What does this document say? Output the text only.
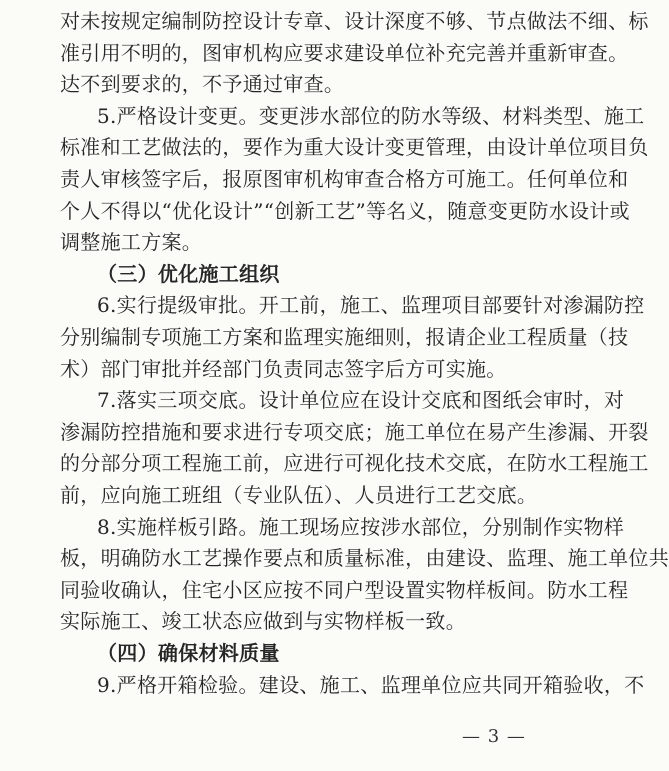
对未按规定编制防控设计专章、设计深度不够、节点做法不细、标
准引用不明的，图审机构应要求建设单位补充完善并重新审查。
达不到要求的，不予通过审查。
5.严格设计变更。变更涉水部位的防水等级、材料类型、施工
标准和工艺做法的，要作为重大设计变更管理，由设计单位项目负
责人审核签字后，报原图审机构审查合格方可施工。任何单位和
个人不得以“优化设计”“创新工艺”等名义，随意变更防水设计或
调整施工方案。
（三）优化施工组织
6.实行提级审批。开工前，施工、监理项目部要针对渗漏防控
分别编制专项施工方案和监理实施细则，报请企业工程质量（技
术）部门审批并经部门负责同志签字后方可实施。
7.落实三项交底。设计单位应在设计交底和图纸会审时，对
渗漏防控措施和要求进行专项交底；施工单位在易产生渗漏、开裂
的分部分项工程施工前，应进行可视化技术交底，在防水工程施工
前，应向施工班组（专业队伍）、人员进行工艺交底。
8.实施样板引路。施工现场应按涉水部位，分别制作实物样
板，明确防水工艺操作要点和质量标准，由建设、监理、施工单位共
同验收确认，住宅小区应按不同户型设置实物样板间。防水工程
实际施工、竣工状态应做到与实物样板一致。
（四）确保材料质量
9.严格开箱检验。建设、施工、监理单位应共同开箱验收，不
— 3 —
